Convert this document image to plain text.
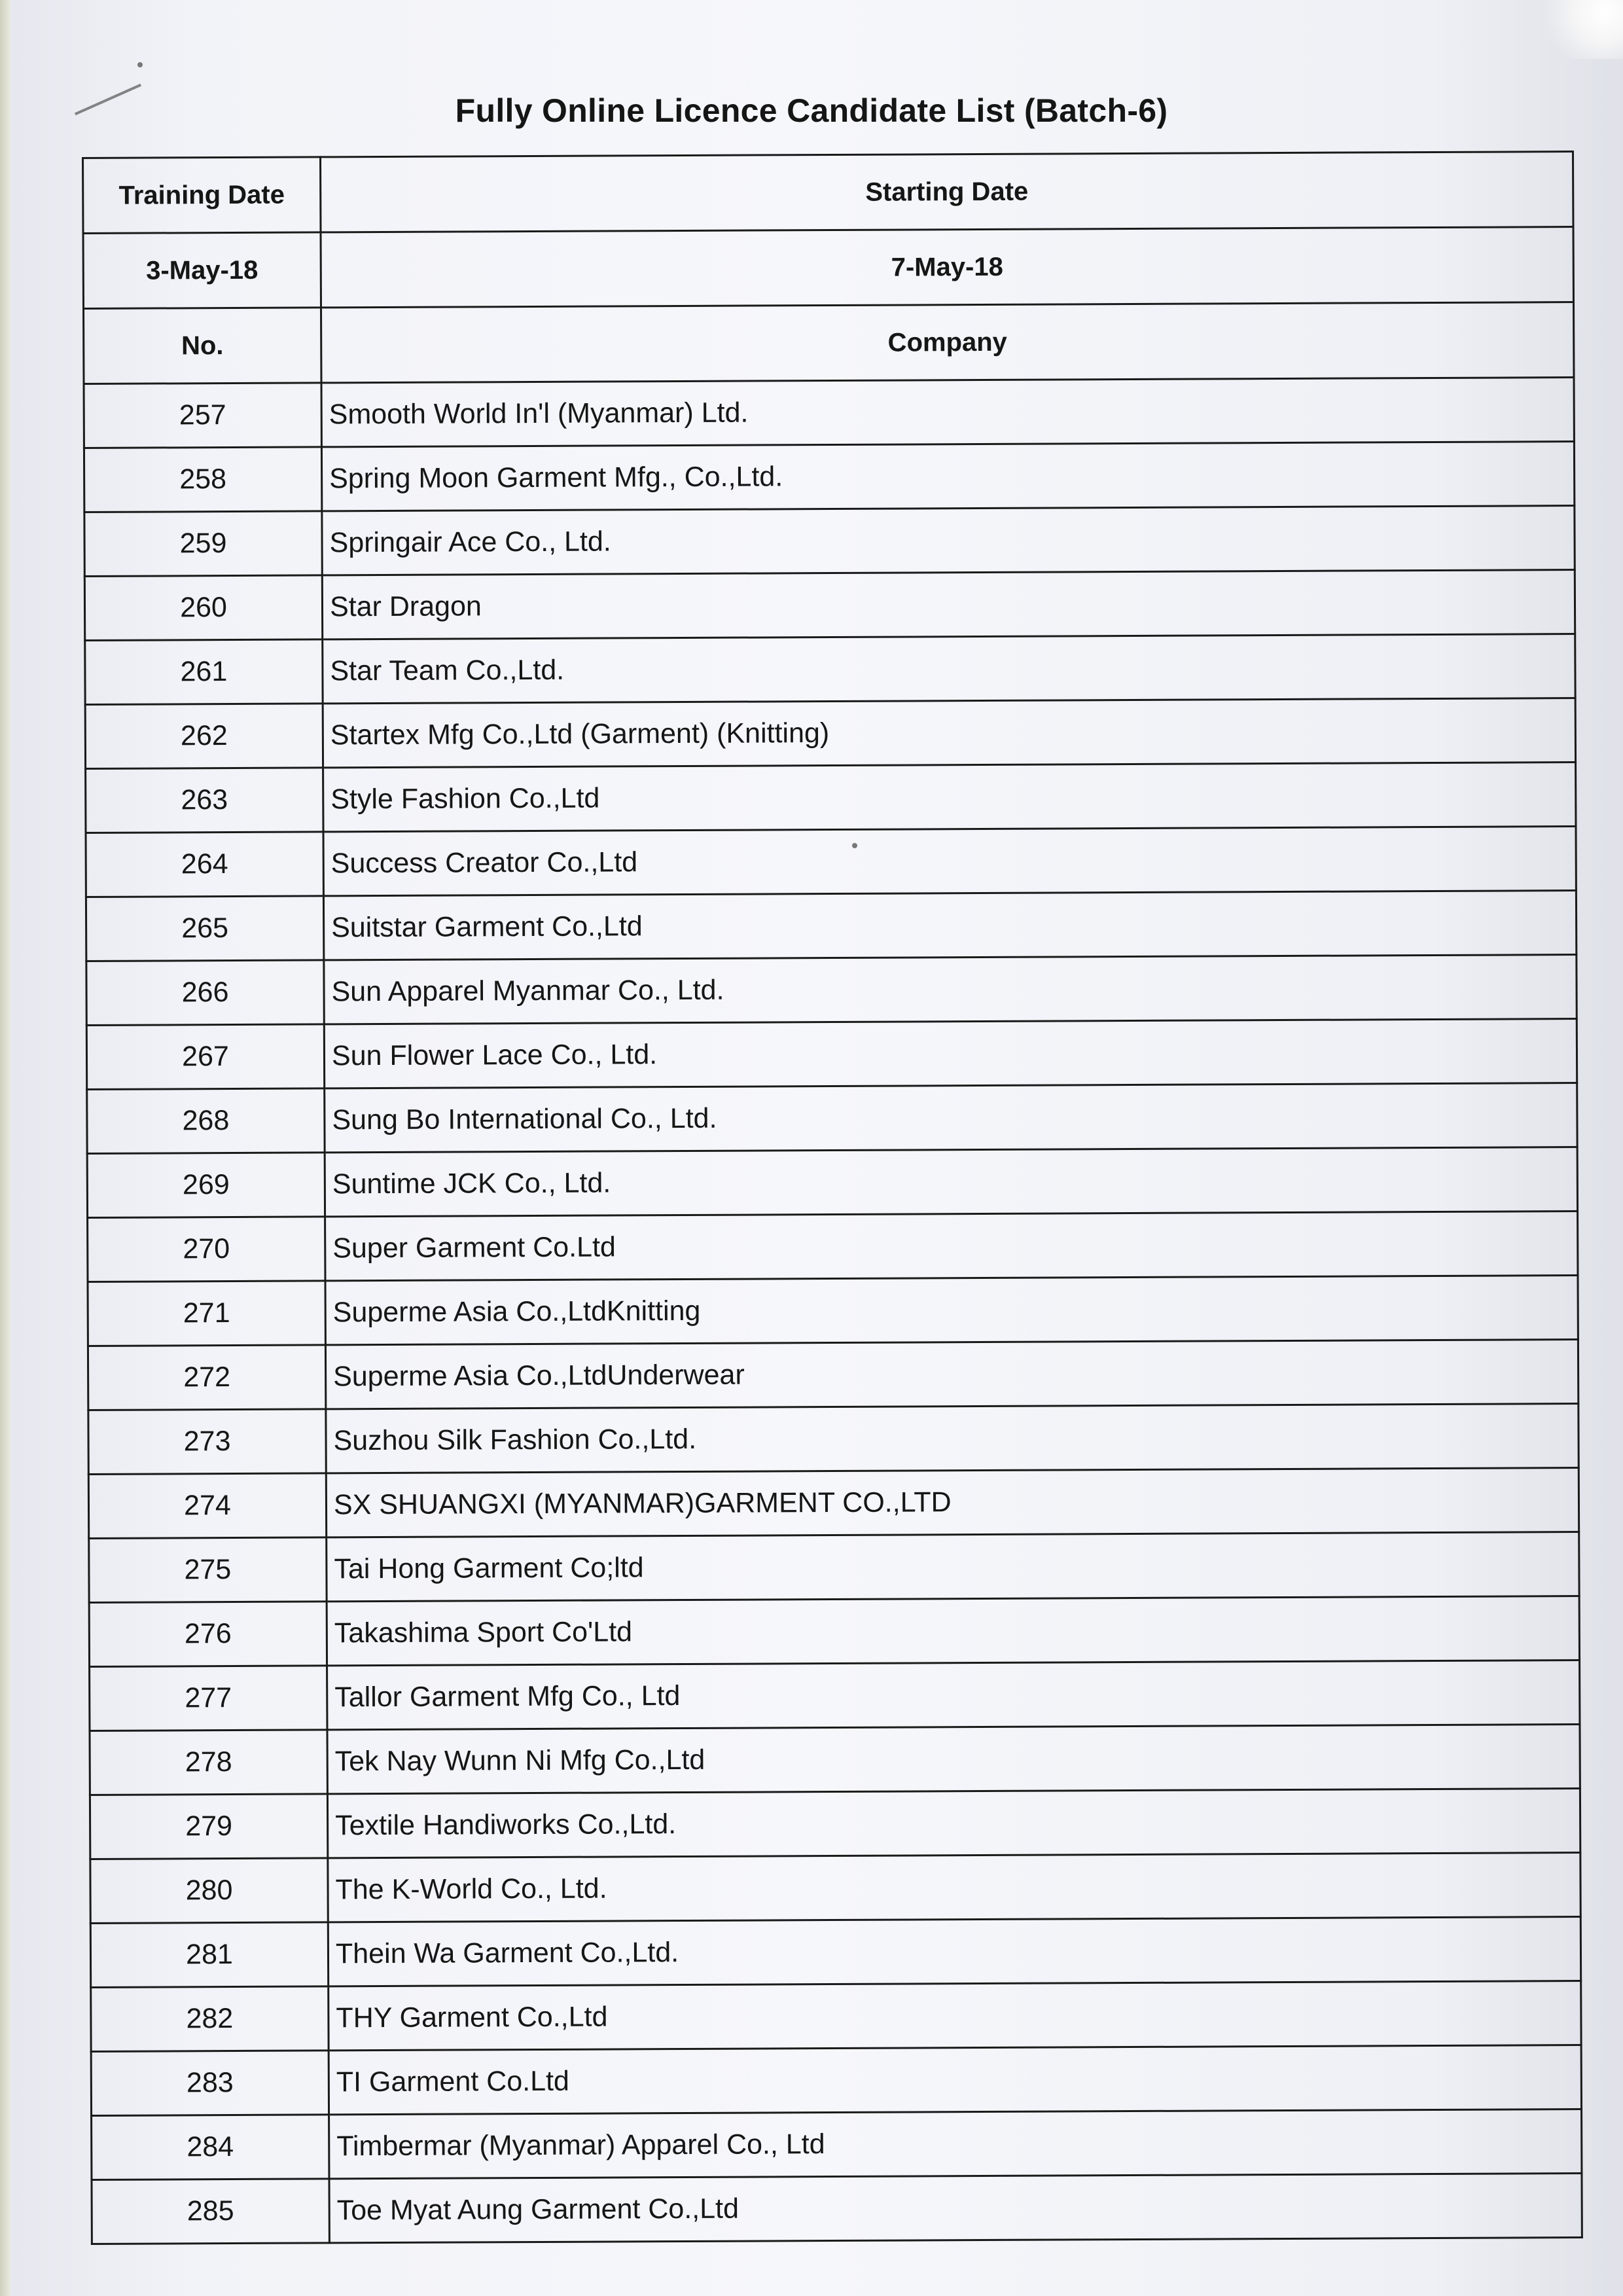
Fully Online Licence Candidate List (Batch-6)
Training Date	Starting Date
3-May-18	7-May-18
No.	Company
257	Smooth World In'l (Myanmar) Ltd.
258	Spring Moon Garment Mfg., Co.,Ltd.
259	Springair Ace Co., Ltd.
260	Star Dragon
261	Star Team Co.,Ltd.
262	Startex Mfg Co.,Ltd (Garment) (Knitting)
263	Style Fashion Co.,Ltd
264	Success Creator Co.,Ltd
265	Suitstar Garment Co.,Ltd
266	Sun Apparel Myanmar Co., Ltd.
267	Sun Flower Lace Co., Ltd.
268	Sung Bo International Co., Ltd.
269	Suntime JCK Co., Ltd.
270	Super Garment Co.Ltd
271	Superme Asia Co.,LtdKnitting
272	Superme Asia Co.,LtdUnderwear
273	Suzhou Silk Fashion Co.,Ltd.
274	SX SHUANGXI (MYANMAR)GARMENT CO.,LTD
275	Tai Hong Garment Co;ltd
276	Takashima Sport Co'Ltd
277	Tallor Garment Mfg Co., Ltd
278	Tek Nay Wunn Ni Mfg Co.,Ltd
279	Textile Handiworks Co.,Ltd.
280	The K-World Co., Ltd.
281	Thein Wa Garment Co.,Ltd.
282	THY Garment Co.,Ltd
283	TI Garment Co.Ltd
284	Timbermar (Myanmar) Apparel Co., Ltd
285	Toe Myat Aung Garment Co.,Ltd
